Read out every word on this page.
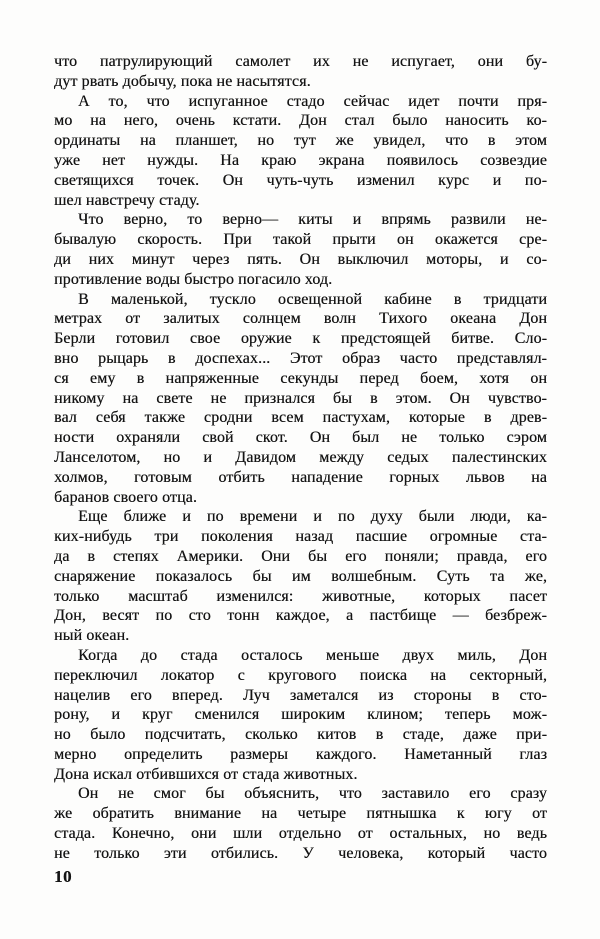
что патрулирующий самолет их не испугает, они бу-
дут рвать добычу, пока не насытятся.
А то, что испуганное стадо сейчас идет почти пря-
мо на него, очень кстати. Дон стал было наносить ко-
ординаты на планшет, но тут же увидел, что в этом
уже нет нужды. На краю экрана появилось созвездие
светящихся точек. Он чуть-чуть изменил курс и по-
шел навстречу стаду.
Что верно, то верно— киты и впрямь развили не-
бывалую скорость. При такой прыти он окажется сре-
ди них минут через пять. Он выключил моторы, и со-
противление воды быстро погасило ход.
В маленькой, тускло освещенной кабине в тридцати
метрах от залитых солнцем волн Тихого океана Дон
Берли готовил свое оружие к предстоящей битве. Сло-
вно рыцарь в доспехах... Этот образ часто представлял-
ся ему в напряженные секунды перед боем, хотя он
никому на свете не признался бы в этом. Он чувство-
вал себя также сродни всем пастухам, которые в древ-
ности охраняли свой скот. Он был не только сэром
Ланселотом, но и Давидом между седых палестинских
холмов, готовым отбить нападение горных львов на
баранов своего отца.
Еще ближе и по времени и по духу были люди, ка-
ких-нибудь три поколения назад пасшие огромные ста-
да в степях Америки. Они бы его поняли; правда, его
снаряжение показалось бы им волшебным. Суть та же,
только масштаб изменился: животные, которых пасет
Дон, весят по сто тонн каждое, а пастбище — безбреж-
ный океан.
Когда до стада осталось меньше двух миль, Дон
переключил локатор с кругового поиска на секторный,
нацелив его вперед. Луч заметался из стороны в сто-
рону, и круг сменился широким клином; теперь мож-
но было подсчитать, сколько китов в стаде, даже при-
мерно определить размеры каждого. Наметанный глаз
Дона искал отбившихся от стада животных.
Он не смог бы объяснить, что заставило его сразу
же обратить внимание на четыре пятнышка к югу от
стада. Конечно, они шли отдельно от остальных, но ведь
не только эти отбились. У человека, который часто
10
